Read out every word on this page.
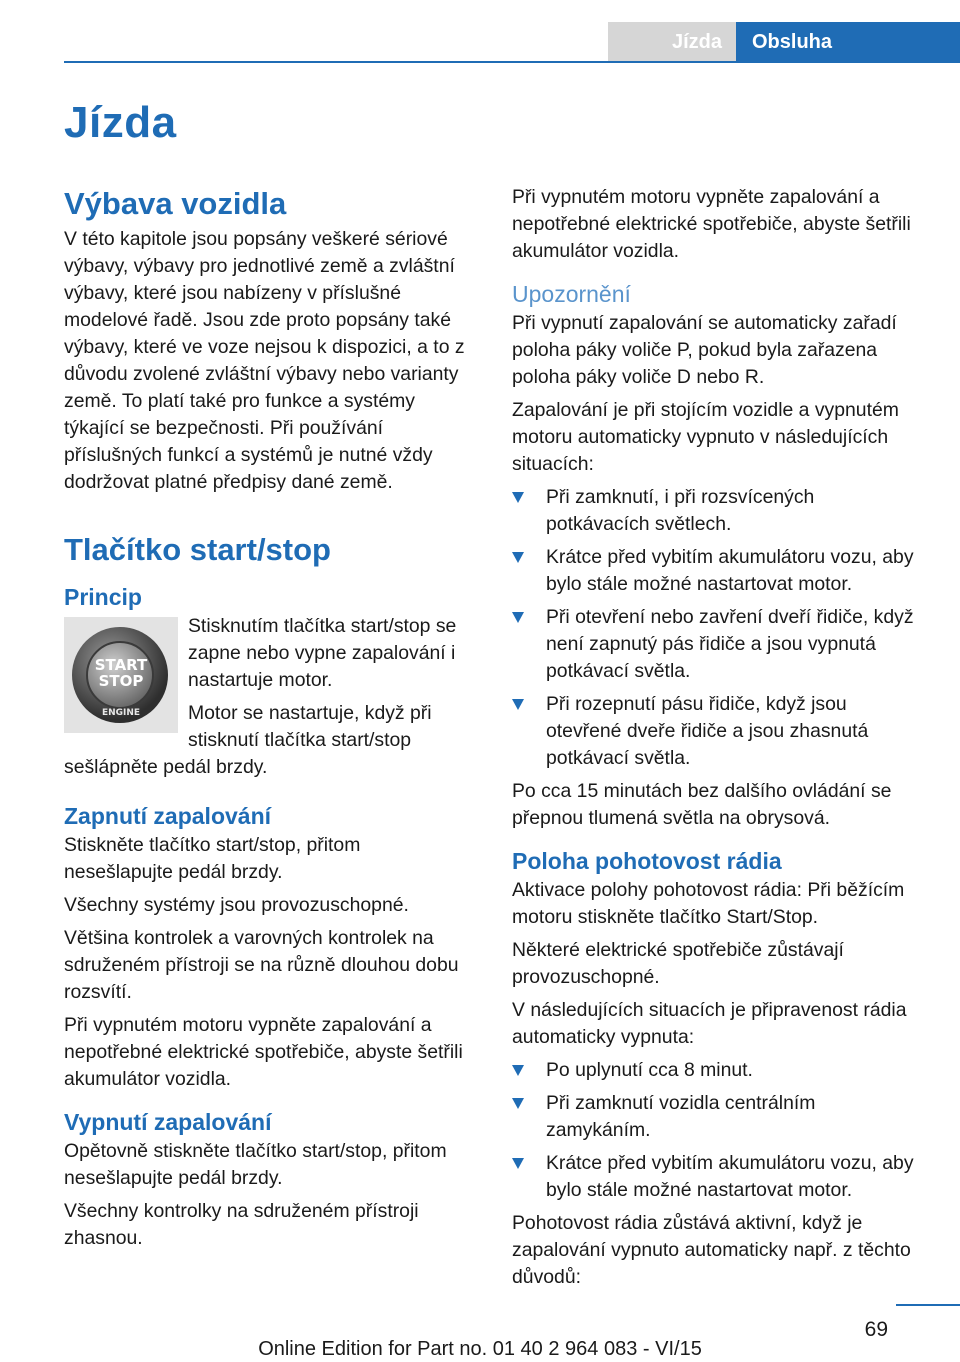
Jízda	Obsluha
Jízda
Výbava vozidla

V této kapitole jsou popsány veškeré sériové výbavy, výbavy pro jednotlivé země a zvláštní výbavy, které jsou nabízeny v příslušné modelové řadě. Jsou zde proto popsány také výbavy, které ve voze nejsou k dispozici, a to z důvodu zvolené zvláštní výbavy nebo varianty země. To platí také pro funkce a systémy týkající se bezpečnosti. Při používání příslušných funkcí a systémů je nutné vždy dodržovat platné předpisy dané země.

Tlačítko start/stop
Princip
START
STOP
ENGINE

Stisknutím tlačítka start/stop se zapne nebo vypne zapalování i nastartuje motor.

Motor se nastartuje, když při stisknutí tlačítka start/stop sešlápněte pedál brzdy.

Zapnutí zapalování

Stiskněte tlačítko start/stop, přitom nesešlapujte pedál brzdy.

Všechny systémy jsou provozuschopné.

Většina kontrolek a varovných kontrolek na sdruženém přístroji se na různě dlouhou dobu rozsvítí.

Při vypnutém motoru vypněte zapalování a nepotřebné elektrické spotřebiče, abyste šetřili akumulátor vozidla.

Vypnutí zapalování

Opětovně stiskněte tlačítko start/stop, přitom nesešlapujte pedál brzdy.

Všechny kontrolky na sdruženém přístroji zhasnou.

Při vypnutém motoru vypněte zapalování a nepotřebné elektrické spotřebiče, abyste šetřili akumulátor vozidla.

Upozornění

Při vypnutí zapalování se automaticky zařadí poloha páky voliče P, pokud byla zařazena poloha páky voliče D nebo R.

Zapalování je při stojícím vozidle a vypnutém motoru automaticky vypnuto v následujících situacích:

Při zamknutí, i při rozsvícených potkávacích světlech.
Krátce před vybitím akumulátoru vozu, aby bylo stále možné nastartovat motor.
Při otevření nebo zavření dveří řidiče, když není zapnutý pás řidiče a jsou vypnutá potkávací světla.
Při rozepnutí pásu řidiče, když jsou otevřené dveře řidiče a jsou zhasnutá potkávací světla.

Po cca 15 minutách bez dalšího ovládání se přepnou tlumená světla na obrysová.

Poloha pohotovost rádia

Aktivace polohy pohotovost rádia: Při běžícím motoru stiskněte tlačítko Start/Stop.

Některé elektrické spotřebiče zůstávají provozuschopné.

V následujících situacích je připravenost rádia automaticky vypnuta:

Po uplynutí cca 8 minut.
Při zamknutí vozidla centrálním zamykáním.
Krátce před vybitím akumulátoru vozu, aby bylo stále možné nastartovat motor.

Pohotovost rádia zůstává aktivní, když je zapalování vypnuto automaticky např. z těchto důvodů:

69
Online Edition for Part no. 01 40 2 964 083 - VI/15
